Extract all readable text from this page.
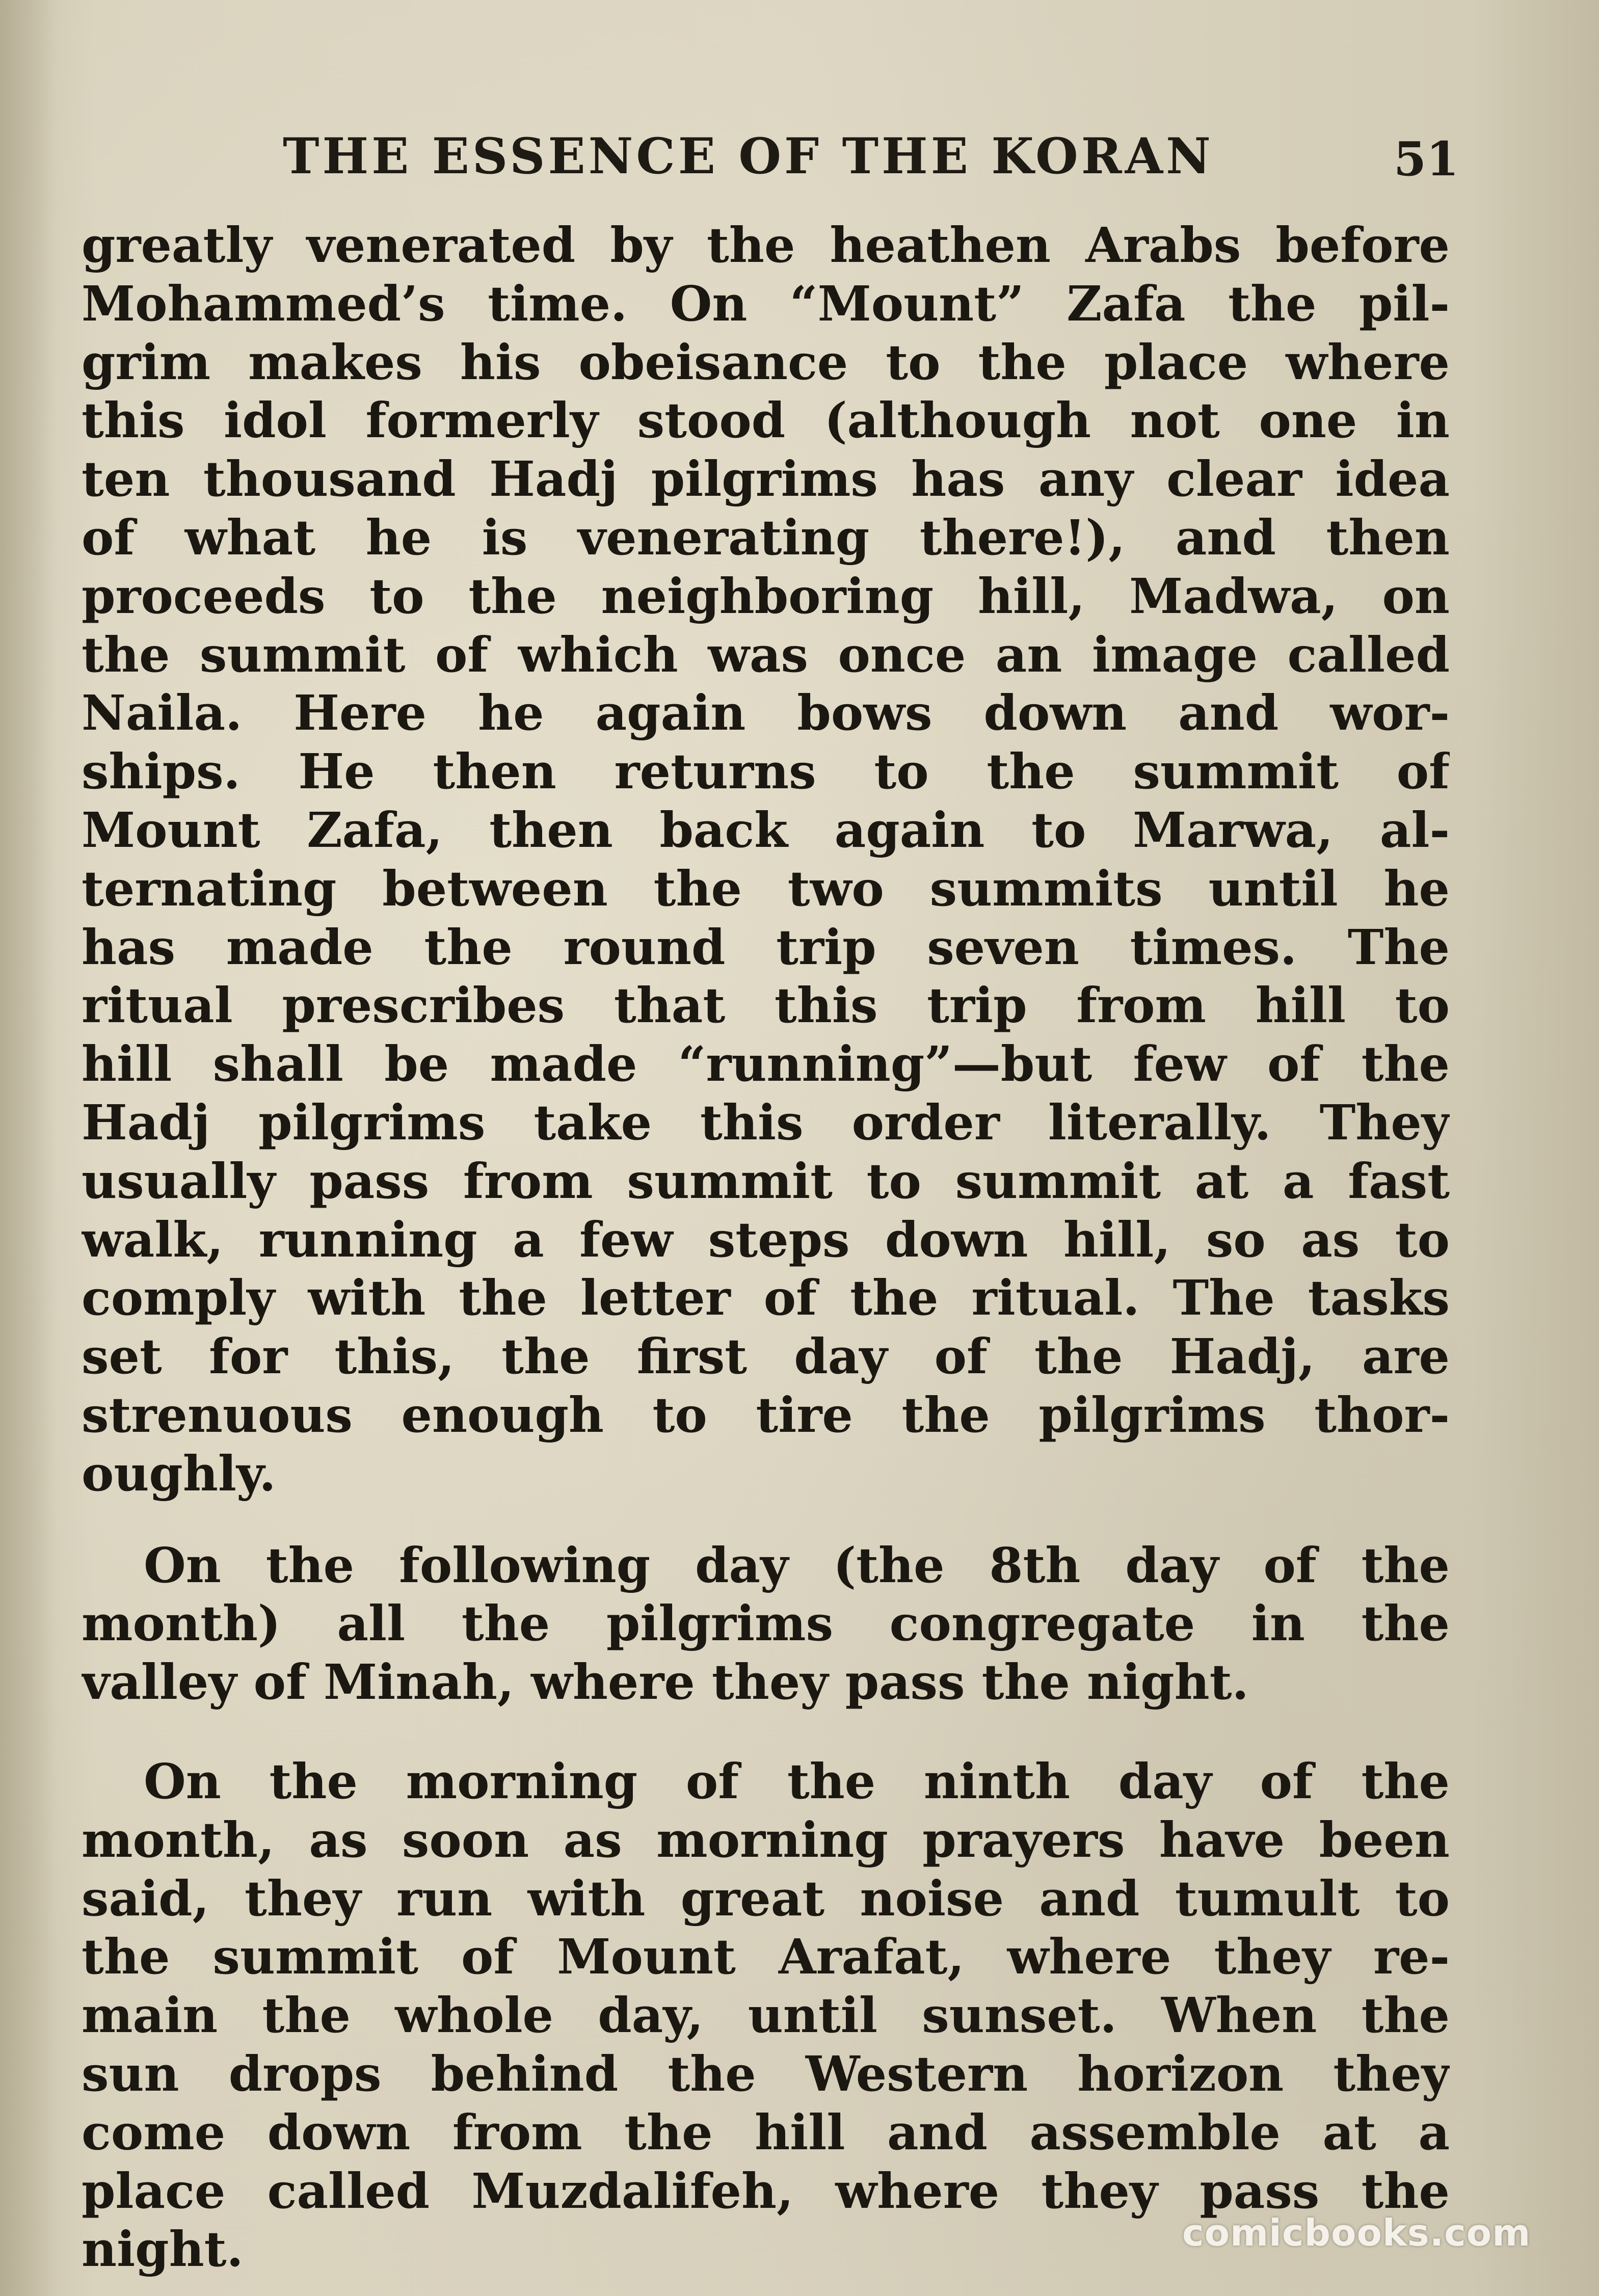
THE ESSENCE OF THE KORAN	51
greatly venerated by the heathen Arabs before
Mohammed’s time. On “Mount” Zafa the pil-
grim makes his obeisance to the place where
this idol formerly stood (although not one in
ten thousand Hadj pilgrims has any clear idea
of what he is venerating there!), and then
proceeds to the neighboring hill, Madwa, on
the summit of which was once an image called
Naila. Here he again bows down and wor-
ships. He then returns to the summit of
Mount Zafa, then back again to Marwa, al-
ternating between the two summits until he
has made the round trip seven times. The
ritual prescribes that this trip from hill to
hill shall be made “running”—but few of the
Hadj pilgrims take this order literally. They
usually pass from summit to summit at a fast
walk, running a few steps down hill, so as to
comply with the letter of the ritual. The tasks
set for this, the first day of the Hadj, are
strenuous enough to tire the pilgrims thor-
oughly.
On the following day (the 8th day of the
month) all the pilgrims congregate in the
valley of Minah, where they pass the night.
On the morning of the ninth day of the
month, as soon as morning prayers have been
said, they run with great noise and tumult to
the summit of Mount Arafat, where they re-
main the whole day, until sunset. When the
sun drops behind the Western horizon they
come down from the hill and assemble at a
place called Muzdalifeh, where they pass the
night.	comicbooks.com
